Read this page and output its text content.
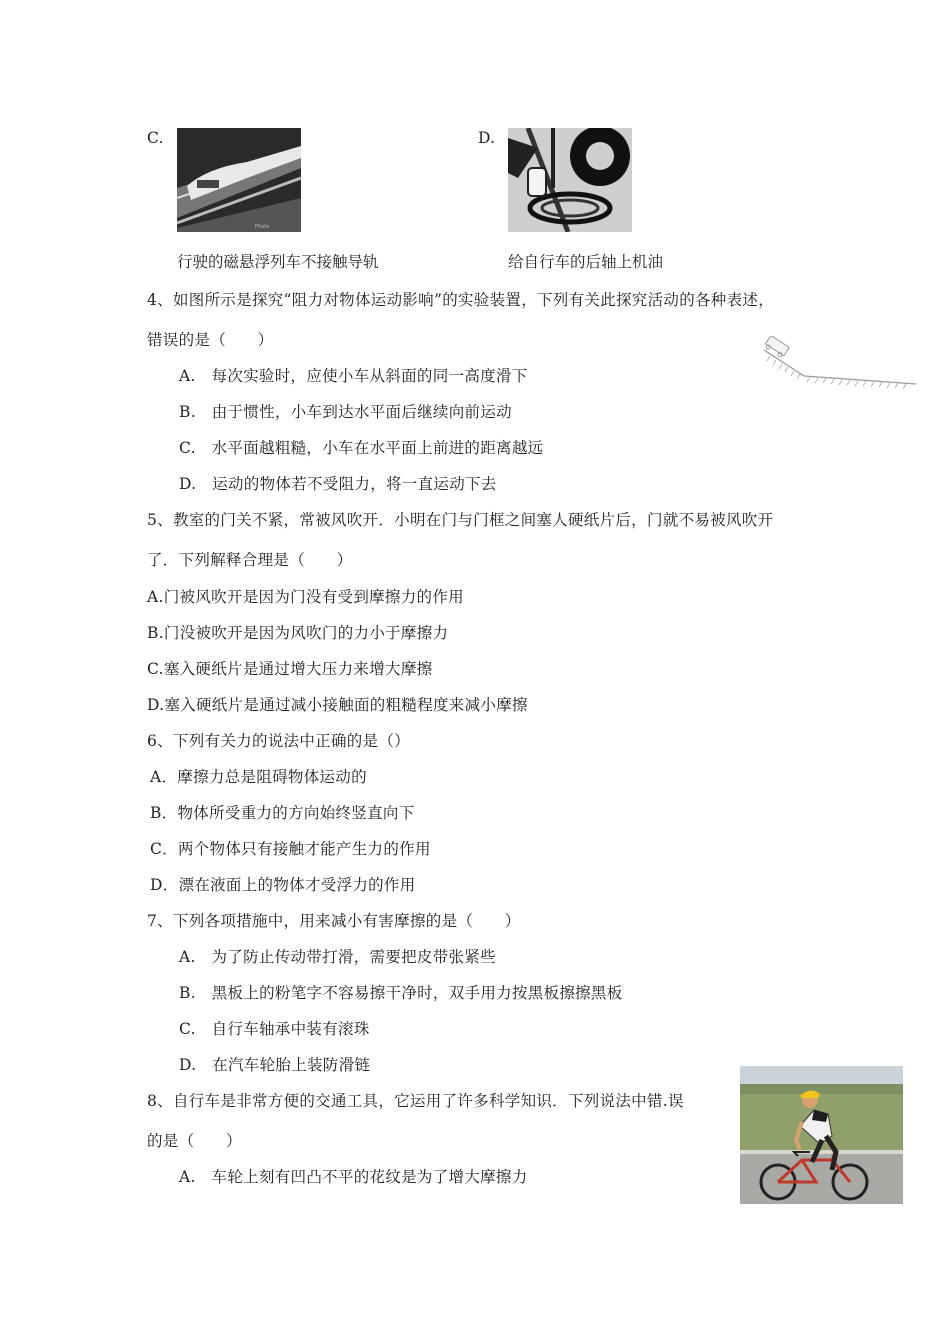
C.
Photo
行驶的磁悬浮列车不接触导轨
D.
给自行车的后轴上机油
4、如图所示是探究“阻力对物体运动影响”的实验装置，下列有关此探究活动的各种表述，
错误的是（　　）
A.　每次实验时，应使小车从斜面的同一高度滑下
B.　由于惯性，小车到达水平面后继续向前运动
C.　水平面越粗糙，小车在水平面上前进的距离越远
D.　运动的物体若不受阻力，将一直运动下去
5、教室的门关不紧，常被风吹开．小明在门与门框之间塞人硬纸片后，门就不易被风吹开
了．下列解释合理是（　　）
A.门被风吹开是因为门没有受到摩擦力的作用
B.门没被吹开是因为风吹门的力小于摩擦力
C.塞入硬纸片是通过增大压力来增大摩擦
D.塞入硬纸片是通过减小接触面的粗糙程度来减小摩擦
6、下列有关力的说法中正确的是（）
A．摩擦力总是阻碍物体运动的
B．物体所受重力的方向始终竖直向下
C．两个物体只有接触才能产生力的作用
D．漂在液面上的物体才受浮力的作用
7、下列各项措施中，用来减小有害摩擦的是（　　）
A.　为了防止传动带打滑，需要把皮带张紧些
B.　黑板上的粉笔字不容易擦干净时，双手用力按黑板擦擦黑板
C.　自行车轴承中装有滚珠
D.　在汽车轮胎上装防滑链
8、自行车是非常方便的交通工具，它运用了许多科学知识．下列说法中错.误
的是（　　）
A.　车轮上刻有凹凸不平的花纹是为了增大摩擦力
